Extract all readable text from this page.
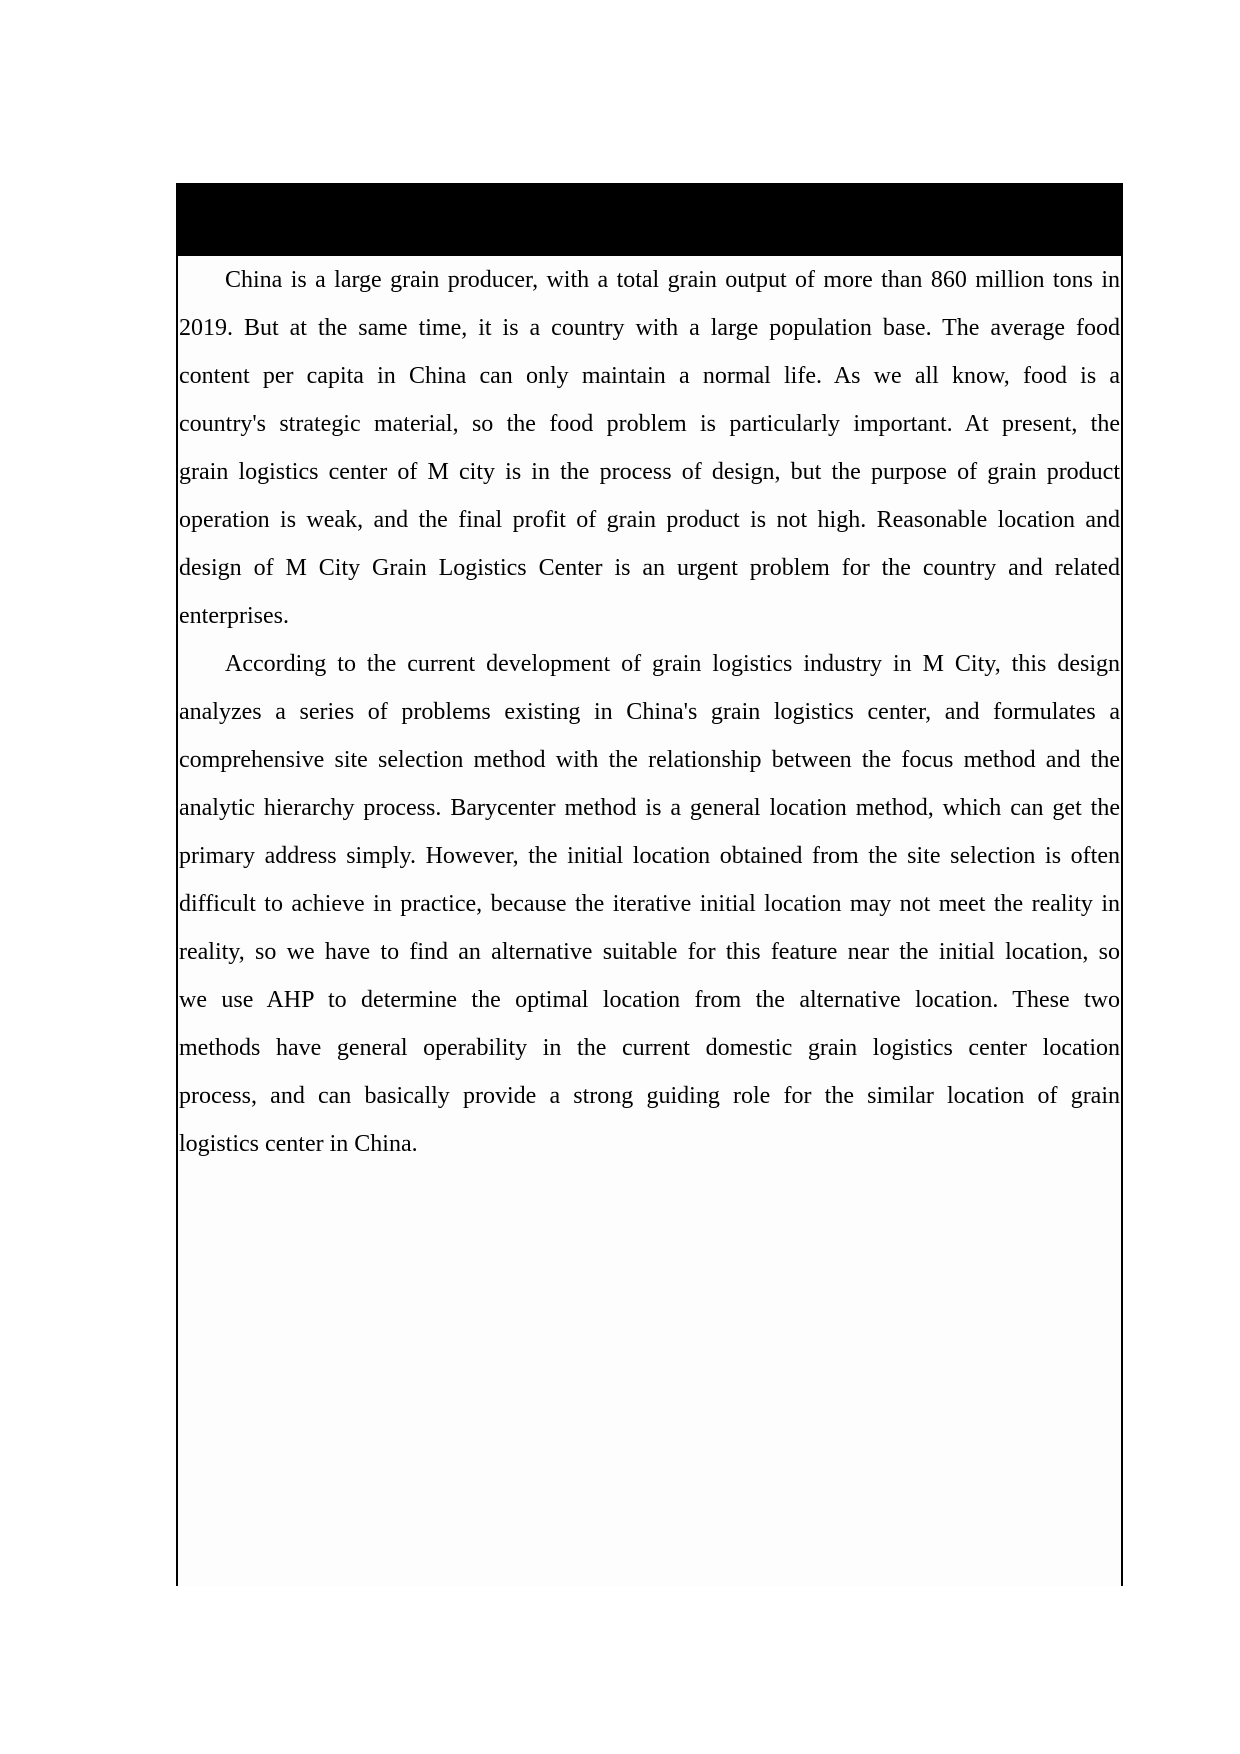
China is a large grain producer, with a total grain output of more than 860 million tons in
2019. But at the same time, it is a country with a large population base. The average food
content per capita in China can only maintain a normal life. As we all know, food is a
country's strategic material, so the food problem is particularly important. At present, the
grain logistics center of M city is in the process of design, but the purpose of grain product
operation is weak, and the final profit of grain product is not high. Reasonable location and
design of M City Grain Logistics Center is an urgent problem for the country and related
enterprises.
According to the current development of grain logistics industry in M City, this design
analyzes a series of problems existing in China's grain logistics center, and formulates a
comprehensive site selection method with the relationship between the focus method and the
analytic hierarchy process. Barycenter method is a general location method, which can get the
primary address simply. However, the initial location obtained from the site selection is often
difficult to achieve in practice, because the iterative initial location may not meet the reality in
reality, so we have to find an alternative suitable for this feature near the initial location, so
we use AHP to determine the optimal location from the alternative location. These two
methods have general operability in the current domestic grain logistics center location
process, and can basically provide a strong guiding role for the similar location of grain
logistics center in China.
